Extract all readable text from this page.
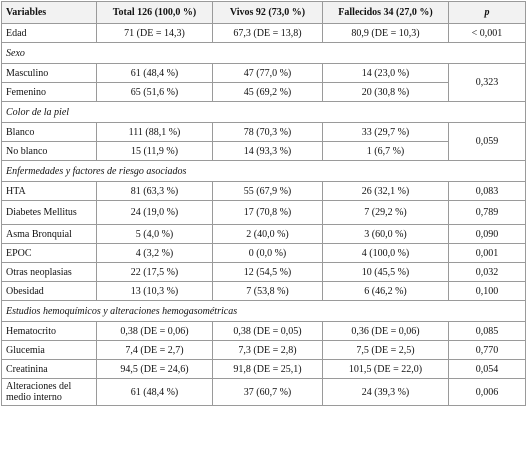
Variables	Total 126 (100,0 %)	Vivos 92 (73,0 %)	Fallecidos 34 (27,0 %)	p
Edad	71 (DE = 14,3)	67,3 (DE = 13,8)	80,9 (DE = 10,3)	< 0,001
Sexo				
Masculino	61 (48,4 %)	47 (77,0 %)	14 (23,0 %)	0,323
Femenino	65 (51,6 %)	45 (69,2 %)	20 (30,8 %)	
Color de la piel				
Blanco	111 (88,1 %)	78 (70,3 %)	33 (29,7 %)	0,059
No blanco	15 (11,9 %)	14 (93,3 %)	1 (6,7 %)	
Enfermedades y factores de riesgo asociados				
HTA	81 (63,3 %)	55 (67,9 %)	26 (32,1 %)	0,083
Diabetes Mellitus	24 (19,0 %)	17 (70,8 %)	7 (29,2 %)	0,789
Asma Bronquial	5 (4,0 %)	2 (40,0 %)	3 (60,0 %)	0,090
EPOC	4 (3,2 %)	0 (0,0 %)	4 (100,0 %)	0,001
Otras neoplasias	22 (17,5 %)	12 (54,5 %)	10 (45,5 %)	0,032
Obesidad	13 (10,3 %)	7 (53,8 %)	6 (46,2 %)	0,100
Estudios hemoquímicos y alteraciones hemogasométricas				
Hematocrito	0,38 (DE = 0,06)	0,38 (DE = 0,05)	0,36 (DE = 0,06)	0,085
Glucemia	7,4 (DE = 2,7)	7,3 (DE = 2,8)	7,5 (DE = 2,5)	0,770
Creatinina	94,5 (DE = 24,6)	91,8 (DE = 25,1)	101,5 (DE = 22,0)	0,054
Alteraciones del medio interno	61 (48,4 %)	37 (60,7 %)	24 (39,3 %)	0,006
